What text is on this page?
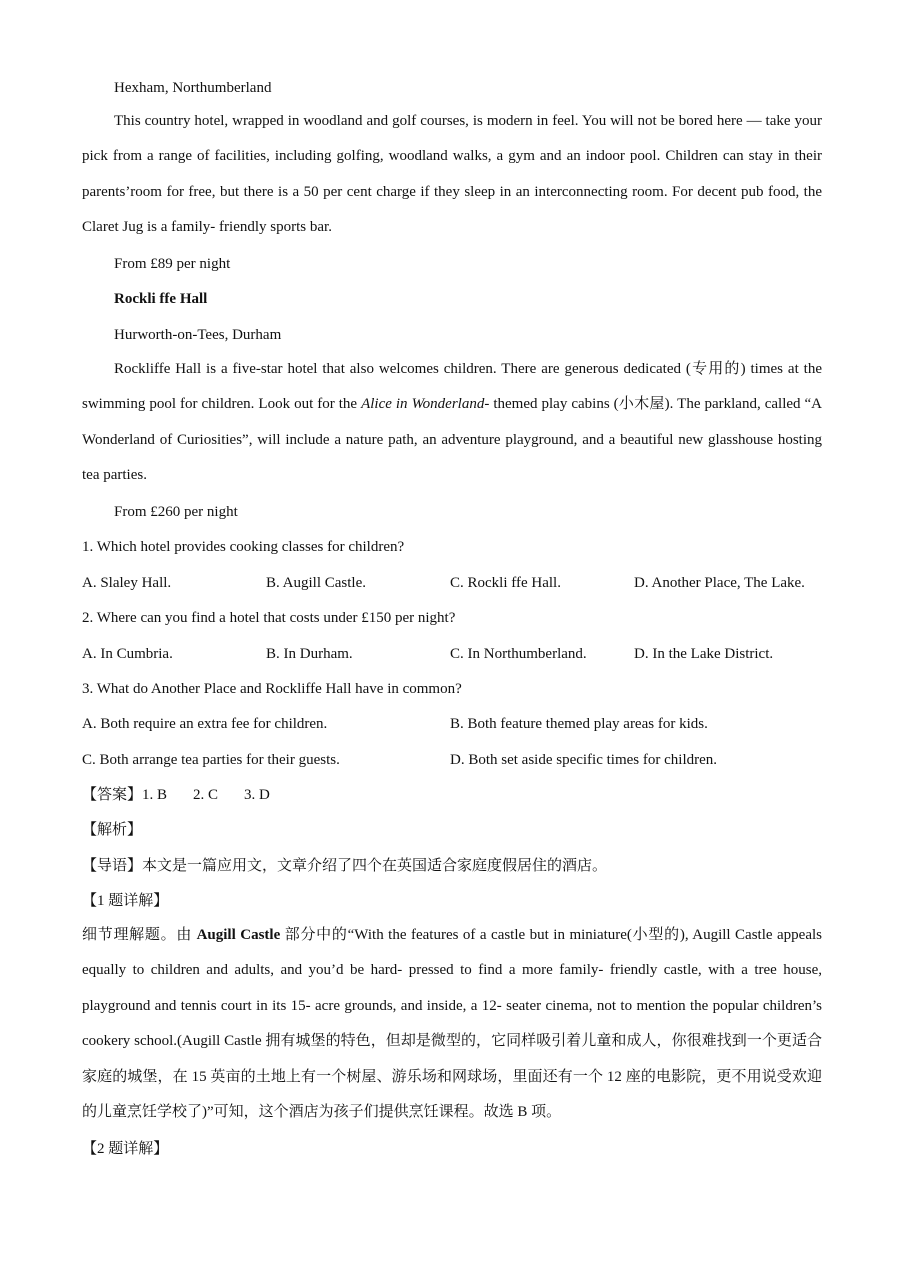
Hexham, Northumberland
This country hotel, wrapped in woodland and golf courses, is modern in feel. You will not be bored here — take your pick from a range of facilities, including golfing, woodland walks, a gym and an indoor pool. Children can stay in their parents’room for free, but there is a 50 per cent charge if they sleep in an interconnecting room. For decent pub food, the Claret Jug is a family- friendly sports bar.
From £89 per night
Rockli ffe Hall
Hurworth-on-Tees, Durham
Rockliffe Hall is a five-star hotel that also welcomes children. There are generous dedicated (专用的) times at the swimming pool for children. Look out for the Alice in Wonderland- themed play cabins (小木屋). The parkland, called “A Wonderland of Curiosities”, will include a nature path, an adventure playground, and a beautiful new glasshouse hosting tea parties.
From £260 per night
1. Which hotel provides cooking classes for children?
A. Slaley Hall.	B. Augill Castle.	C. Rockli ffe Hall.	D. Another Place, The Lake.
2. Where can you find a hotel that costs under £150 per night?
A. In Cumbria.	B. In Durham.	C. In Northumberland.	D. In the Lake District.
3. What do Another Place and Rockliffe Hall have in common?
A. Both require an extra fee for children.	B. Both feature themed play areas for kids.
C. Both arrange tea parties for their guests.	D. Both set aside specific times for children.
【答案】1. B 2. C 3. D
【解析】
【导语】本文是一篇应用文，文章介绍了四个在英国适合家庭度假居住的酒店。
【1 题详解】
细节理解题。由 Augill Castle 部分中的“With the features of a castle but in miniature(小型的), Augill Castle appeals equally to children and adults, and you’d be hard- pressed to find a more family- friendly castle, with a tree house, playground and tennis court in its 15- acre grounds, and inside, a 12- seater cinema, not to mention the popular children’s cookery school.(Augill Castle 拥有城堡的特色，但却是微型的，它同样吸引着儿童和成人，你很难找到一个更适合家庭的城堡，在 15 英亩的土地上有一个树屋、游乐场和网球场，里面还有一个 12 座的电影院，更不用说受欢迎的儿童烹饪学校了)”可知，这个酒店为孩子们提供烹饪课程。故选 B 项。
【2 题详解】
